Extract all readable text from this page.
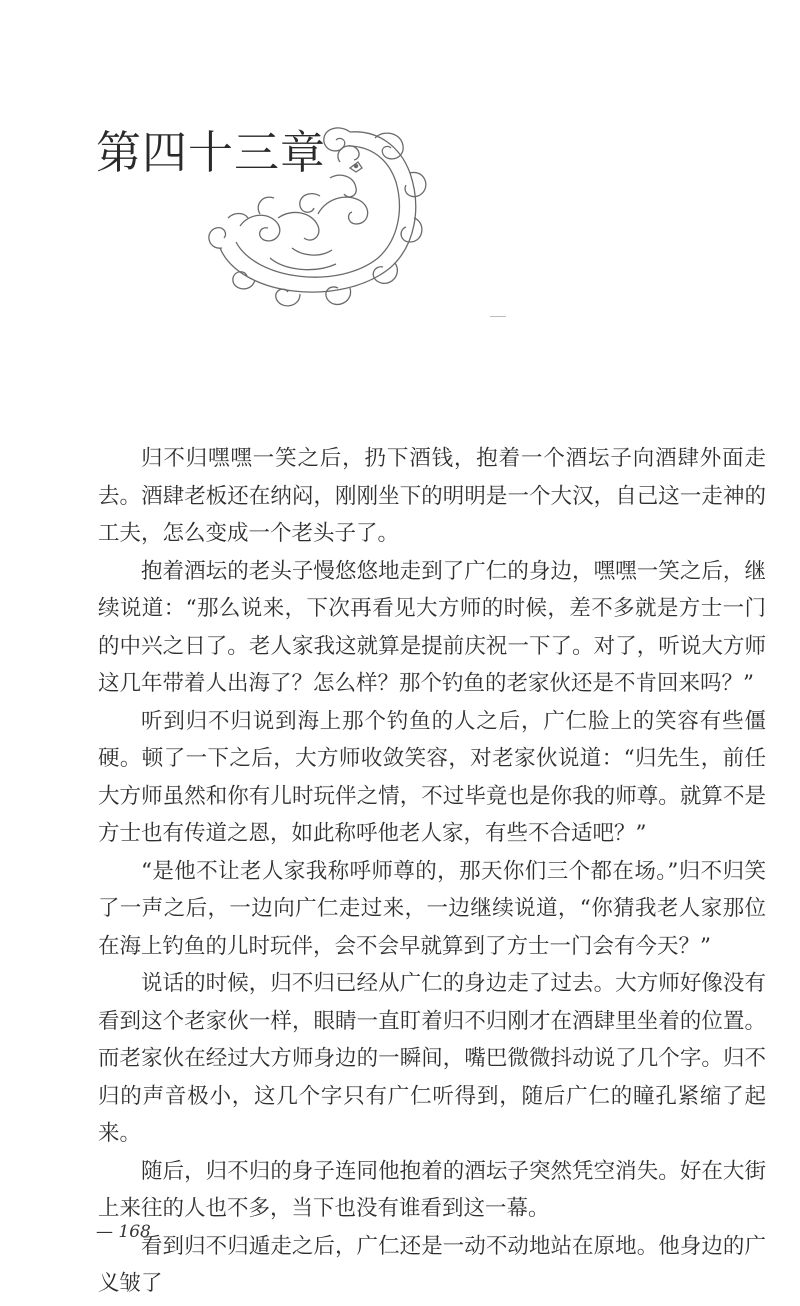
第四十三章

归不归嘿嘿一笑之后，扔下酒钱，抱着一个酒坛子向酒肆外面走去。酒肆老板还在纳闷，刚刚坐下的明明是一个大汉，自己这一走神的工夫，怎么变成一个老头子了。

抱着酒坛的老头子慢悠悠地走到了广仁的身边，嘿嘿一笑之后，继续说道：“那么说来，下次再看见大方师的时候，差不多就是方士一门的中兴之日了。老人家我这就算是提前庆祝一下了。对了，听说大方师这几年带着人出海了？怎么样？那个钓鱼的老家伙还是不肯回来吗？”

听到归不归说到海上那个钓鱼的人之后，广仁脸上的笑容有些僵硬。顿了一下之后，大方师收敛笑容，对老家伙说道：“归先生，前任大方师虽然和你有儿时玩伴之情，不过毕竟也是你我的师尊。就算不是方士也有传道之恩，如此称呼他老人家，有些不合适吧？”

“是他不让老人家我称呼师尊的，那天你们三个都在场。”归不归笑了一声之后，一边向广仁走过来，一边继续说道，“你猜我老人家那位在海上钓鱼的儿时玩伴，会不会早就算到了方士一门会有今天？”

说话的时候，归不归已经从广仁的身边走了过去。大方师好像没有看到这个老家伙一样，眼睛一直盯着归不归刚才在酒肆里坐着的位置。而老家伙在经过大方师身边的一瞬间，嘴巴微微抖动说了几个字。归不归的声音极小，这几个字只有广仁听得到，随后广仁的瞳孔紧缩了起来。

随后，归不归的身子连同他抱着的酒坛子突然凭空消失。好在大街上来往的人也不多，当下也没有谁看到这一幕。

看到归不归遁走之后，广仁还是一动不动地站在原地。他身边的广义皱了

— 168
